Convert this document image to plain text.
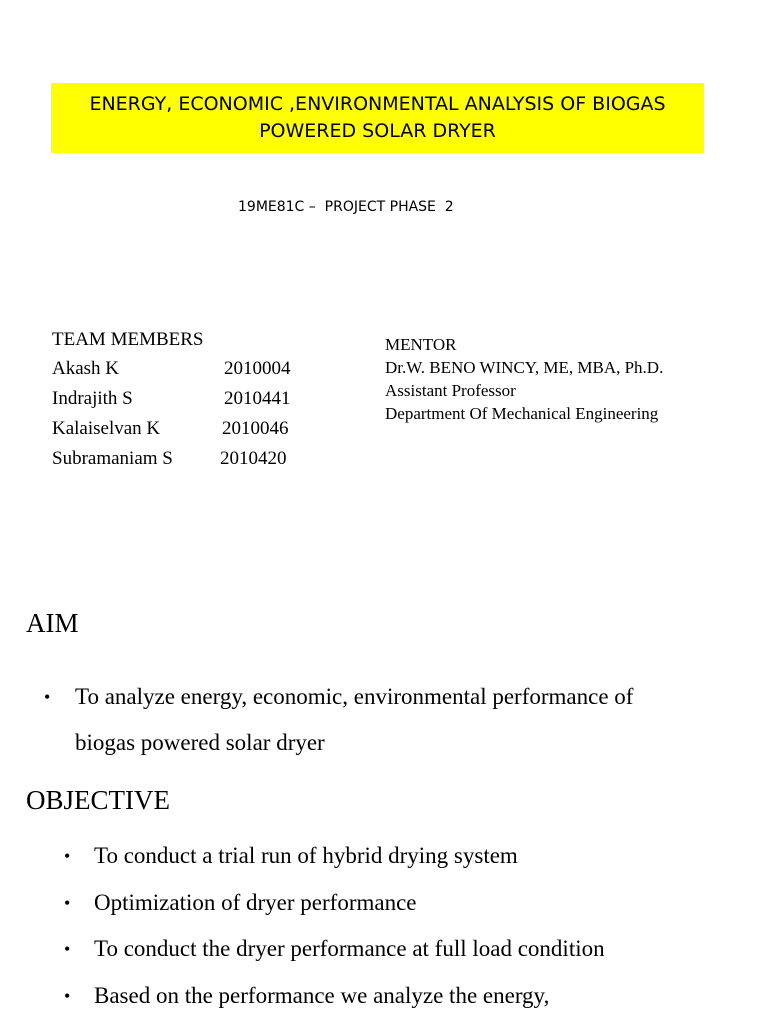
ENERGY, ECONOMIC ,ENVIRONMENTAL ANALYSIS OF BIOGAS
POWERED SOLAR DRYER
19ME81C –  PROJECT PHASE  2
TEAM MEMBERS
Akash K	2010004
Indrajith S	2010441
Kalaiselvan K	2010046
Subramaniam S 2010420
MENTOR
Dr.W. BENO WINCY, ME, MBA, Ph.D.
Assistant Professor
Department Of Mechanical Engineering
AIM
• To analyze energy, economic, environmental performance of
biogas powered solar dryer
OBJECTIVE
• To conduct a trial run of hybrid drying system
• Optimization of dryer performance
• To conduct the dryer performance at full load condition
• Based on the performance we analyze the energy,
